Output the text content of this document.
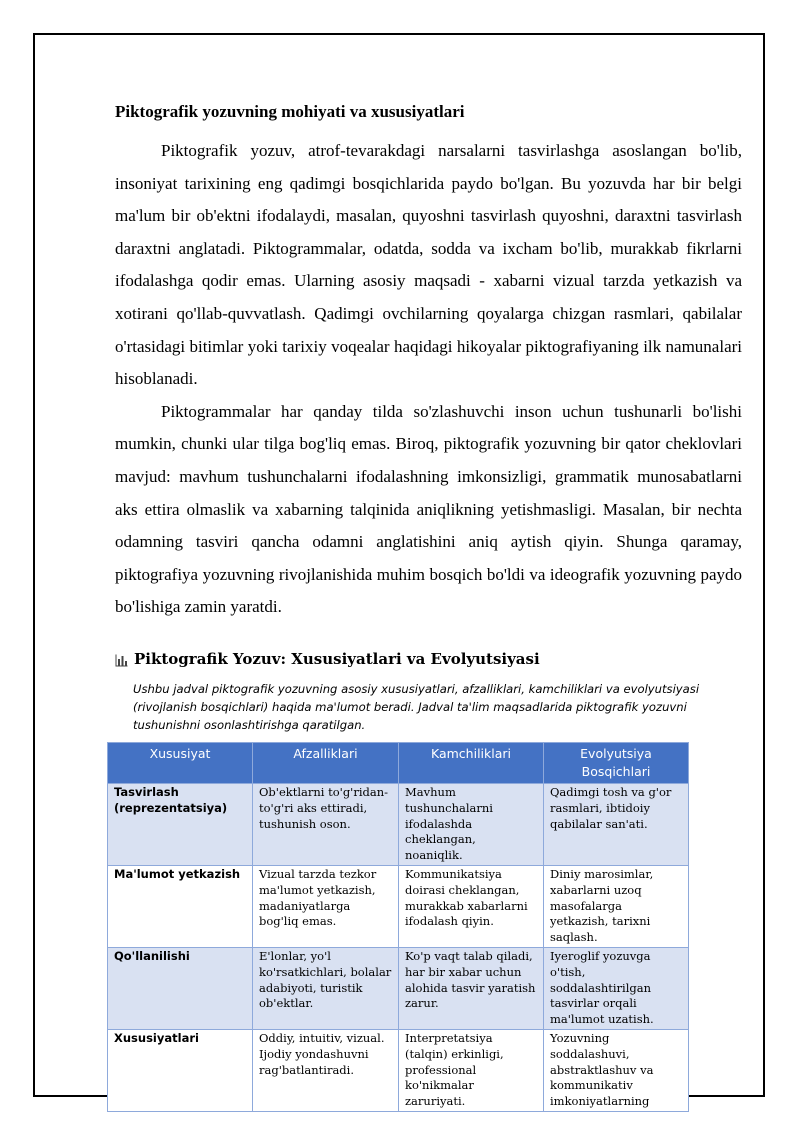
Piktografik yozuvning mohiyati va xususiyatlari

Piktografik yozuv, atrof-tevarakdagi narsalarni tasvirlashga asoslangan bo'lib, insoniyat tarixining eng qadimgi bosqichlarida paydo bo'lgan. Bu yozuvda har bir belgi ma'lum bir ob'ektni ifodalaydi, masalan, quyoshni tasvirlash quyoshni, daraxtni tasvirlash daraxtni anglatadi. Piktogrammalar, odatda, sodda va ixcham bo'lib, murakkab fikrlarni ifodalashga qodir emas. Ularning asosiy maqsadi - xabarni vizual tarzda yetkazish va xotirani qo'llab-quvvatlash. Qadimgi ovchilarning qoyalarga chizgan rasmlari, qabilalar o'rtasidagi bitimlar yoki tarixiy voqealar haqidagi hikoyalar piktografiyaning ilk namunalari hisoblanadi.

Piktogrammalar har qanday tilda so'zlashuvchi inson uchun tushunarli bo'lishi mumkin, chunki ular tilga bog'liq emas. Biroq, piktografik yozuvning bir qator cheklovlari mavjud: mavhum tushunchalarni ifodalashning imkonsizligi, grammatik munosabatlarni aks ettira olmaslik va xabarning talqinida aniqlikning yetishmasligi. Masalan, bir nechta odamning tasviri qancha odamni anglatishini aniq aytish qiyin. Shunga qaramay, piktografiya yozuvning rivojlanishida muhim bosqich bo'ldi va ideografik yozuvning paydo bo'lishiga zamin yaratdi.

Piktografik Yozuv: Xususiyatlari va Evolyutsiyasi
Ushbu jadval piktografik yozuvning asosiy xususiyatlari, afzalliklari, kamchiliklari va evolyutsiyasi (rivojlanish bosqichlari) haqida ma'lumot beradi. Jadval ta'lim maqsadlarida piktografik yozuvni tushunishni osonlashtirishga qaratilgan.
Xususiyat	Afzalliklari	Kamchiliklari	Evolyutsiya Bosqichlari
Tasvirlash (reprezentatsiya)	Ob'ektlarni to'g'ridan-to'g'ri aks ettiradi, tushunish oson.	Mavhum tushunchalarni ifodalashda cheklangan, noaniqlik.	Qadimgi tosh va g'or rasmlari, ibtidoiy qabilalar san'ati.
Ma'lumot yetkazish	Vizual tarzda tezkor ma'lumot yetkazish, madaniyatlarga bog'liq emas.	Kommunikatsiya doirasi cheklangan, murakkab xabarlarni ifodalash qiyin.	Diniy marosimlar, xabarlarni uzoq masofalarga yetkazish, tarixni saqlash.
Qo'llanilishi	E'lonlar, yo'l ko'rsatkichlari, bolalar adabiyoti, turistik ob'ektlar.	Ko'p vaqt talab qiladi, har bir xabar uchun alohida tasvir yaratish zarur.	Iyeroglif yozuvga o'tish, soddalashtirilgan tasvirlar orqali ma'lumot uzatish.
Xususiyatlari	Oddiy, intuitiv, vizual. Ijodiy yondashuvni rag'batlantiradi.	Interpretatsiya (talqin) erkinligi, professional ko'nikmalar zaruriyati.	Yozuvning soddalashuvi, abstraktlashuv va kommunikativ imkoniyatlarning
